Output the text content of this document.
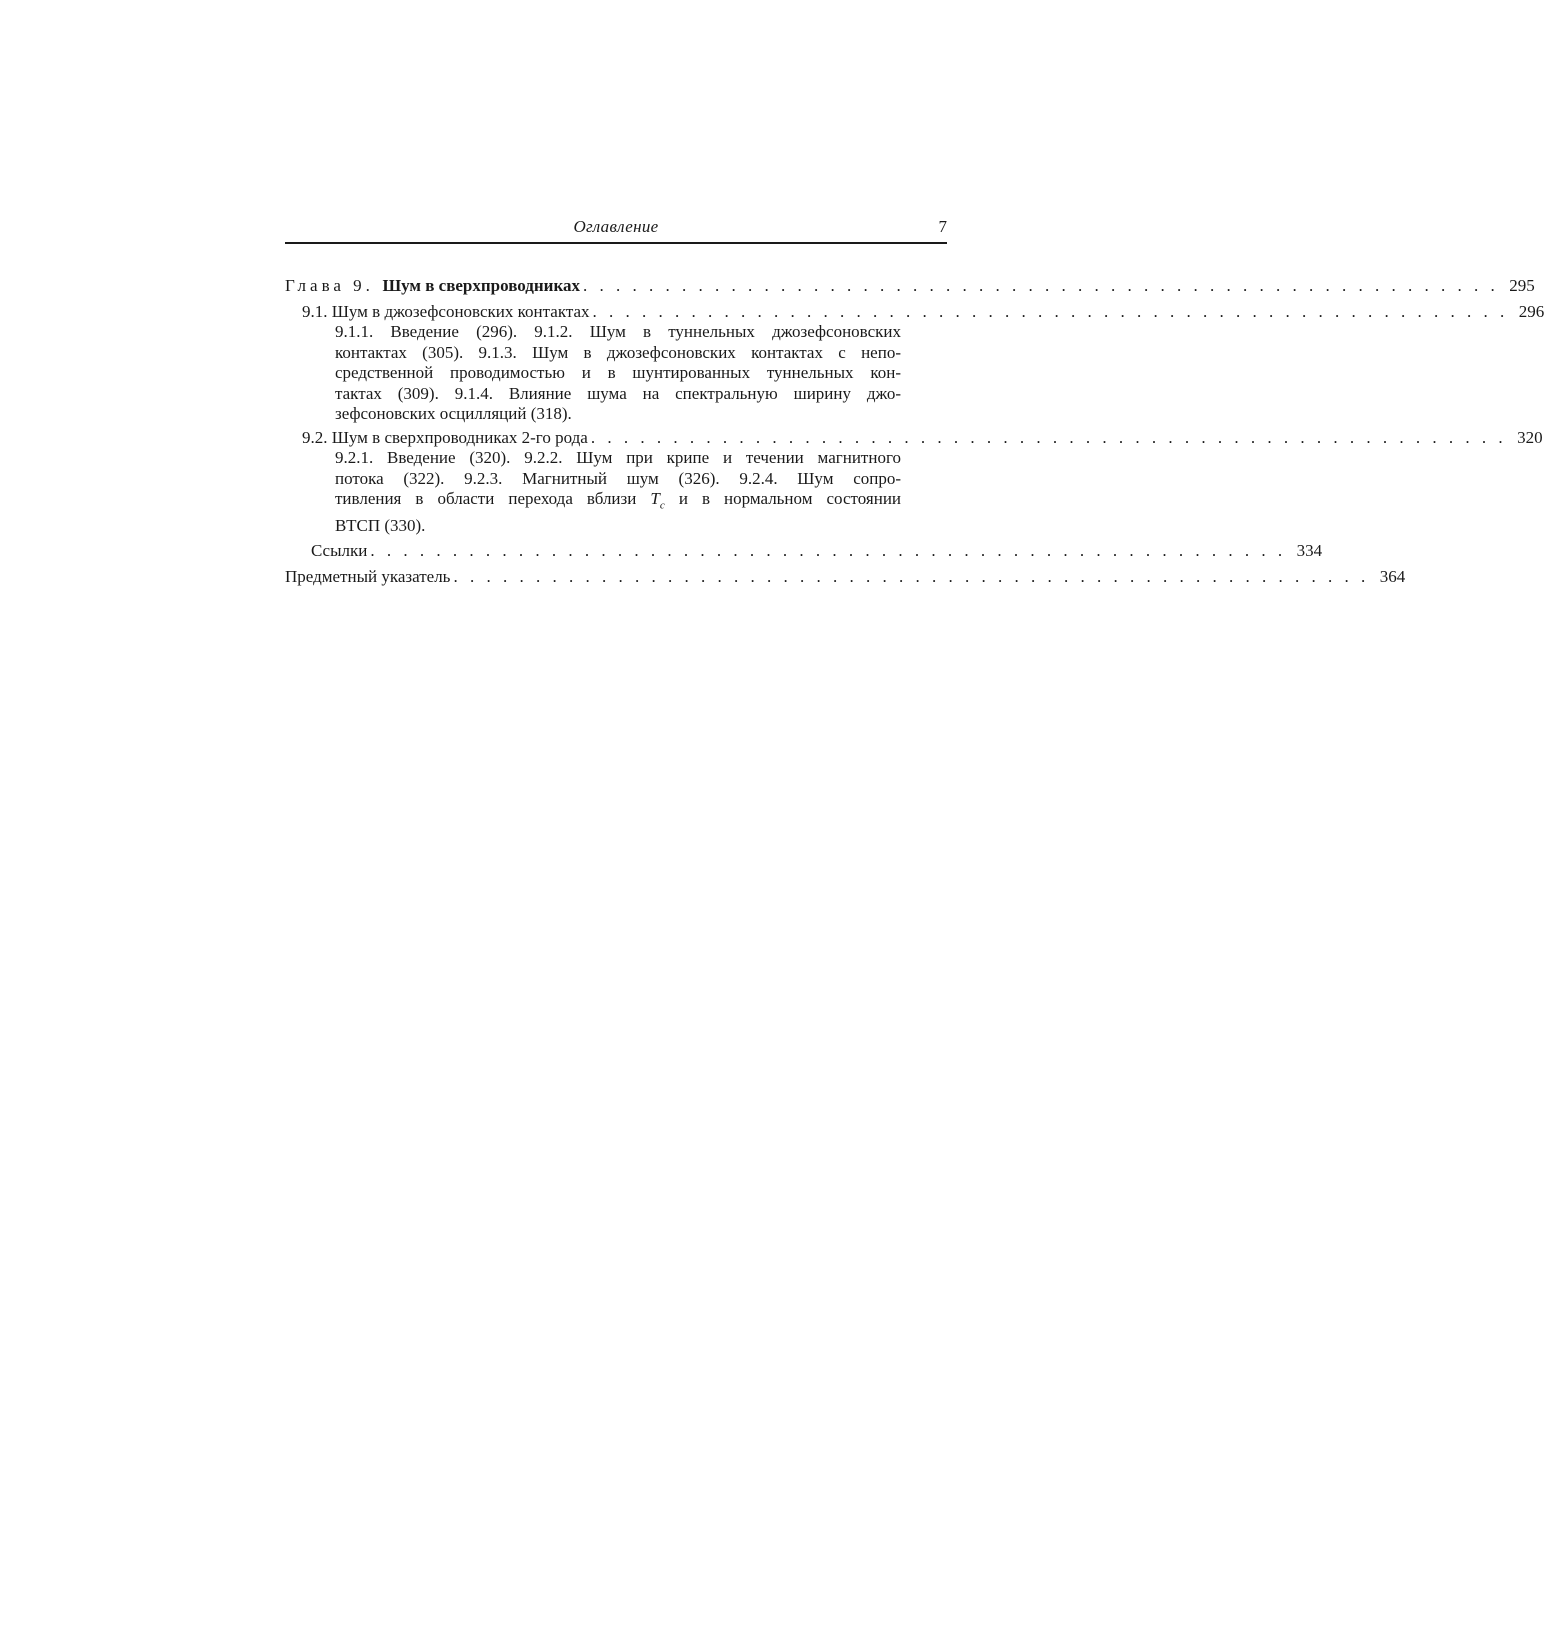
Оглавление	7
Глава 9. Шум в сверхпроводниках . . . . . . . . . . . . . . . . . . . . . . . . . . . . . . . . . . . . . . . . . . . . . . . . . . . . . . . . 295
9.1. Шум в джозефсоновских контактах . . . . . . . . . . . . . . . . . . . . . . . . . . . . . . . . . . . . . . . . . . . . . . . . . . . . . . . . 296
9.1.1. Введение (296). 9.1.2. Шум в туннельных джозефсоновских
контактах (305). 9.1.3. Шум в джозефсоновских контактах с непо-
средственной проводимостью и в шунтированных туннельных кон-
тактах (309). 9.1.4. Влияние шума на спектральную ширину джо-
зефсоновских осцилляций (318).
9.2. Шум в сверхпроводниках 2-го рода . . . . . . . . . . . . . . . . . . . . . . . . . . . . . . . . . . . . . . . . . . . . . . . . . . . . . . . . 320
9.2.1. Введение (320). 9.2.2. Шум при крипе и течении магнитного
потока (322). 9.2.3. Магнитный шум (326). 9.2.4. Шум сопро-
тивления в области перехода вблизи $T_c$ и в нормальном состоянии
ВТСП (330).
Ссылки . . . . . . . . . . . . . . . . . . . . . . . . . . . . . . . . . . . . . . . . . . . . . . . . . . . . . . . . 334
Предметный указатель . . . . . . . . . . . . . . . . . . . . . . . . . . . . . . . . . . . . . . . . . . . . . . . . . . . . . . . . 364
